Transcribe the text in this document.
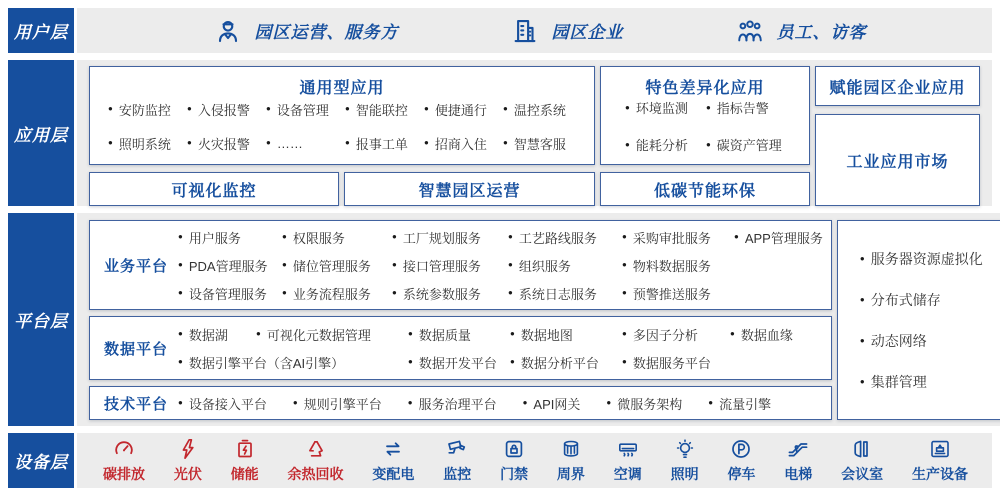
用户层	园区运营、服务方	园区企业	员工、访客
应用层
通用型应用
● 安防监控	● 入侵报警	● 设备管理	● 智能联控	● 便捷通行	● 温控系统
● 照明系统	● 火灾报警	● ……	● 报事工单	● 招商入住	● 智慧客服
特色差异化应用
● 环境监测	● 指标告警
● 能耗分析	● 碳资产管理
可视化监控	智慧园区运营	低碳节能环保
赋能园区企业应用
工业应用市场
平台层
业务平台
● 用户服务	● 权限服务	● 工厂规划服务	● 工艺路线服务	● 采购审批服务	● APP管理服务
● PDA管理服务	● 储位管理服务	● 接口管理服务	● 组织服务	● 物料数据服务
● 设备管理服务	● 业务流程服务	● 系统参数服务	● 系统日志服务	● 预警推送服务
数据平台
● 数据湖	● 可视化元数据管理	● 数据质量	● 数据地图	● 多因子分析	● 数据血缘
● 数据引擎平台（含AI引擎）	● 数据开发平台	● 数据分析平台	● 数据服务平台
技术平台	● 设备接入平台	● 规则引擎平台	● 服务治理平台	● API网关	● 微服务架构	● 流量引擎
● 服务器资源虚拟化
● 分布式储存
● 动态网络
● 集群管理
设备层
碳排放 光伏 储能 余热回收 变配电 监控 门禁 周界 空调 照明 停车 电梯 会议室 生产设备
